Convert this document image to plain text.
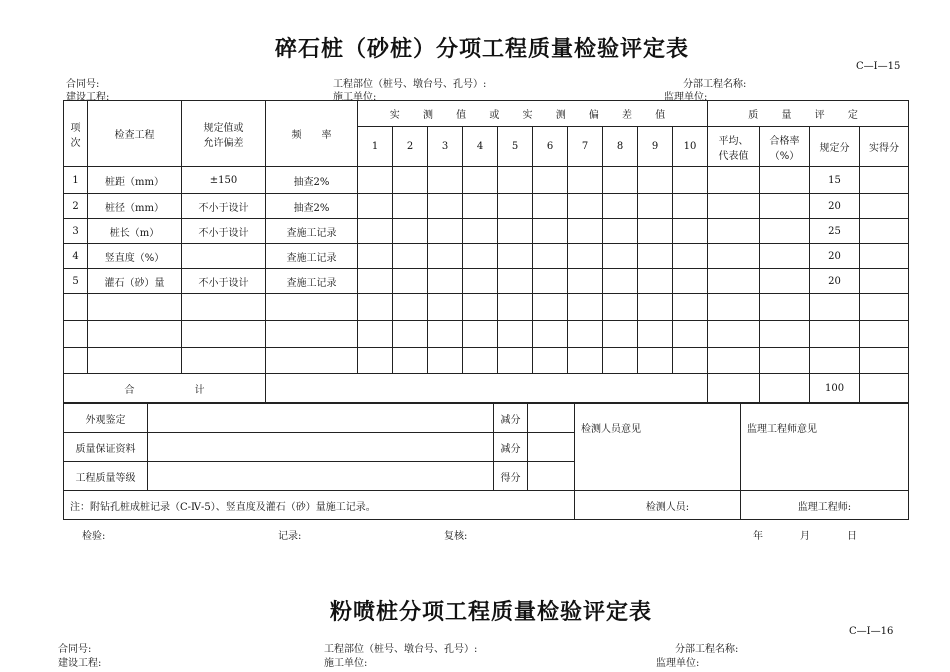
碎石桩（砂桩）分项工程质量检验评定表
C—I—15
合同号:	工程部位（桩号、墩台号、孔号）:	分部工程名称:
建设工程:	施工单位:	监理单位:
项次	检查工程	规定值或允许偏差	频　　率	实 测 值 或 实 测 偏 差 值										质 量 评 定			
				1	2	3	4	5	6	7	8	9	10	平均、代表值	合格率（%）	规定分	实得分
1	桩距（mm）	±150	抽查2%													15	
2	桩径（mm）	不小于设计	抽查2%													20	
3	桩长（m）	不小于设计	查施工记录													25	
4	竖直度（%）		查施工记录													20	
5	灌石（砂）量	不小于设计	查施工记录													20	

合　　　　　　计																100	
外观鉴定		减分		检测人员意见	监理工程师意见
质量保证资料		减分			
工程质量等级		得分			
注：附钻孔桩成桩记录（C-Ⅳ-5）、竖直度及灌石（砂）量施工记录。				检测人员:	监理工程师:
检验:	记录:	复核:	年	月	日
粉喷桩分项工程质量检验评定表
C—I—16
合同号:	工程部位（桩号、墩台号、孔号）:	分部工程名称:
建设工程:	施工单位:	监理单位:
